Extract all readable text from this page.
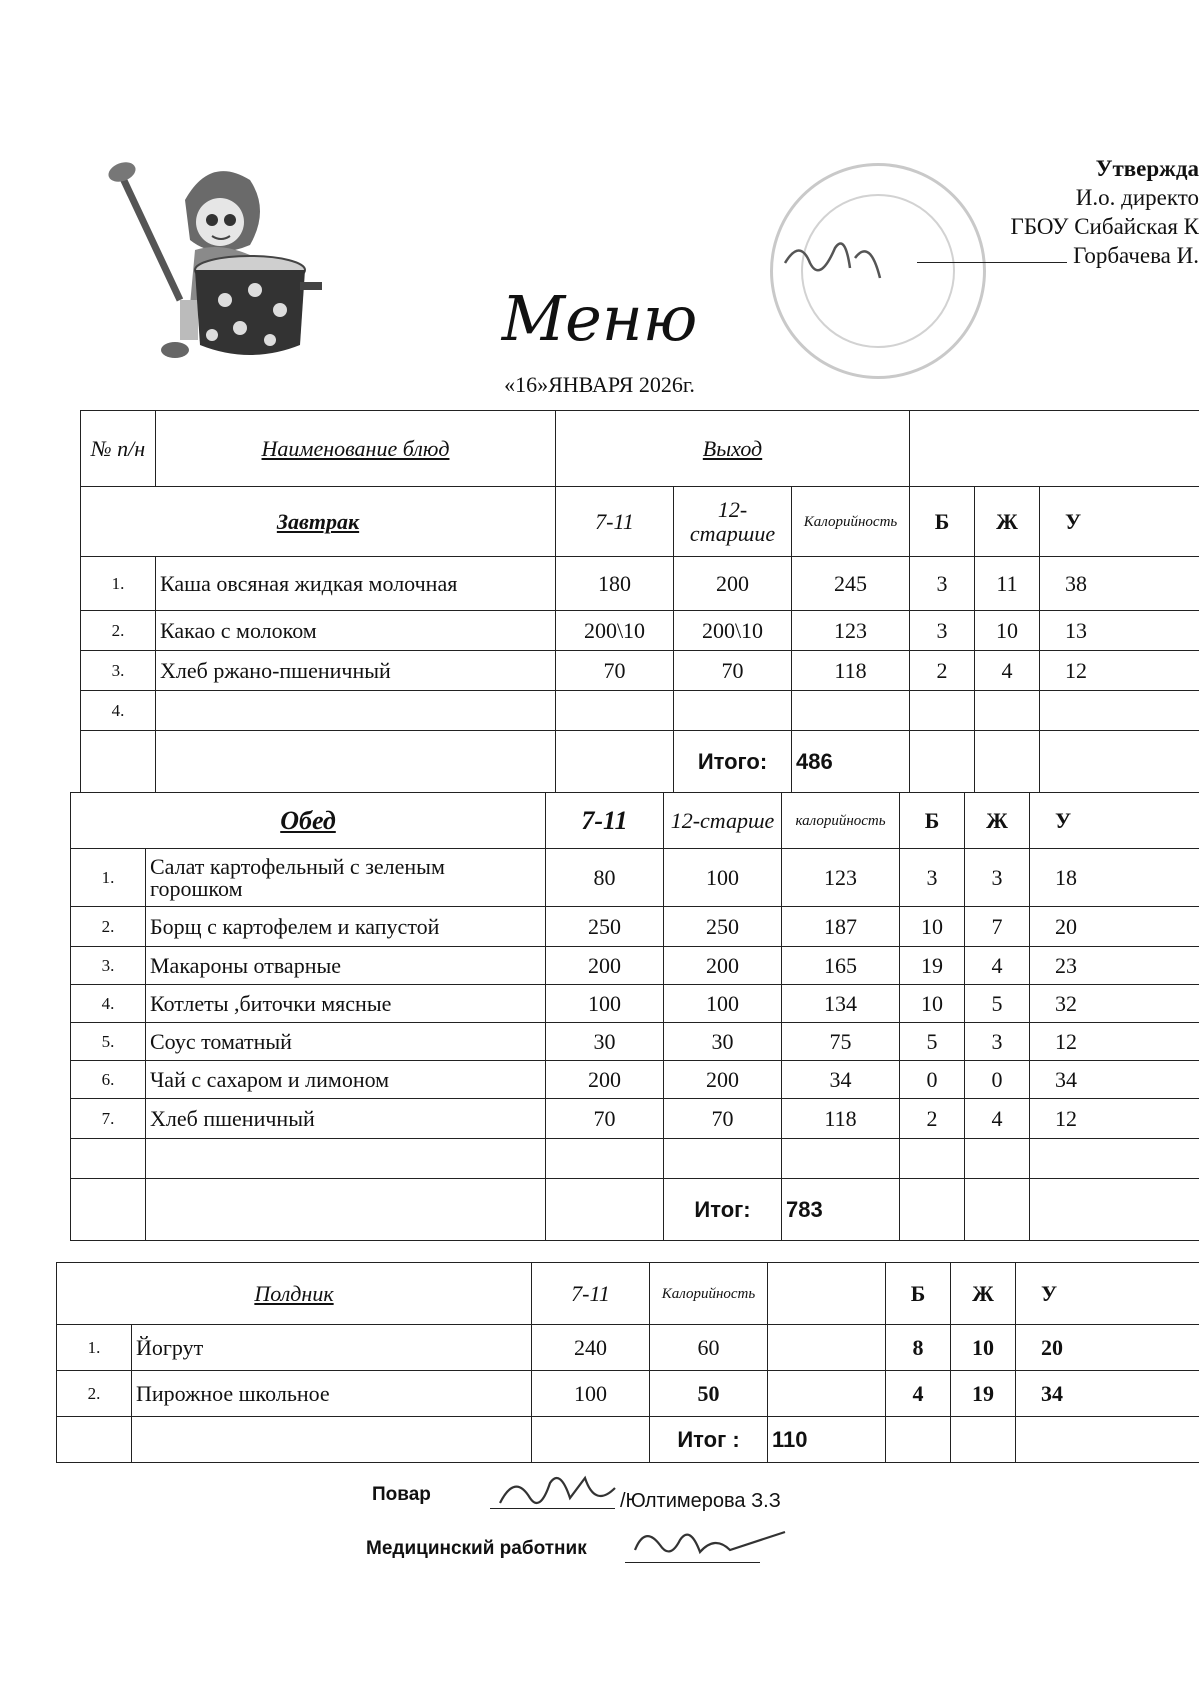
Утвержда
И.о. директо
ГБОУ Сибайская К
Горбачева И.
Меню
«16»ЯНВАРЯ 2026г.
№ п/н	Наименование блюд	Выход					
Завтрак		7-11	12-старшие	Калорийность	Б	Ж	У
1.	Каша овсяная жидкая молочная	180	200	245	3	11	38
2.	Какао с молоком	200\10	200\10	123	3	10	13
3.	Хлеб ржано-пшеничный	70	70	118	2	4	12
4.							
			Итого:	486			
Обед		7-11	12-старше	калорийность	Б	Ж	У
1.	Салат картофельный с зеленым горошком	80	100	123	3	3	18
2.	Борщ с картофелем и капустой	250	250	187	10	7	20
3.	Макароны отварные	200	200	165	19	4	23
4.	Котлеты ,биточки мясные	100	100	134	10	5	32
5.	Соус томатный	30	30	75	5	3	12
6.	Чай с сахаром и лимоном	200	200	34	0	0	34
7.	Хлеб пшеничный	70	70	118	2	4	12

			Итог:	783			
Полдник		7-11	Калорийность		Б	Ж	У
1.	Йогрут	240	60		8	10	20
2.	Пирожное школьное	100	50		4	19	34
			Итог :	110			
Повар	/Юлтимерова З.З
Медицинский работник
